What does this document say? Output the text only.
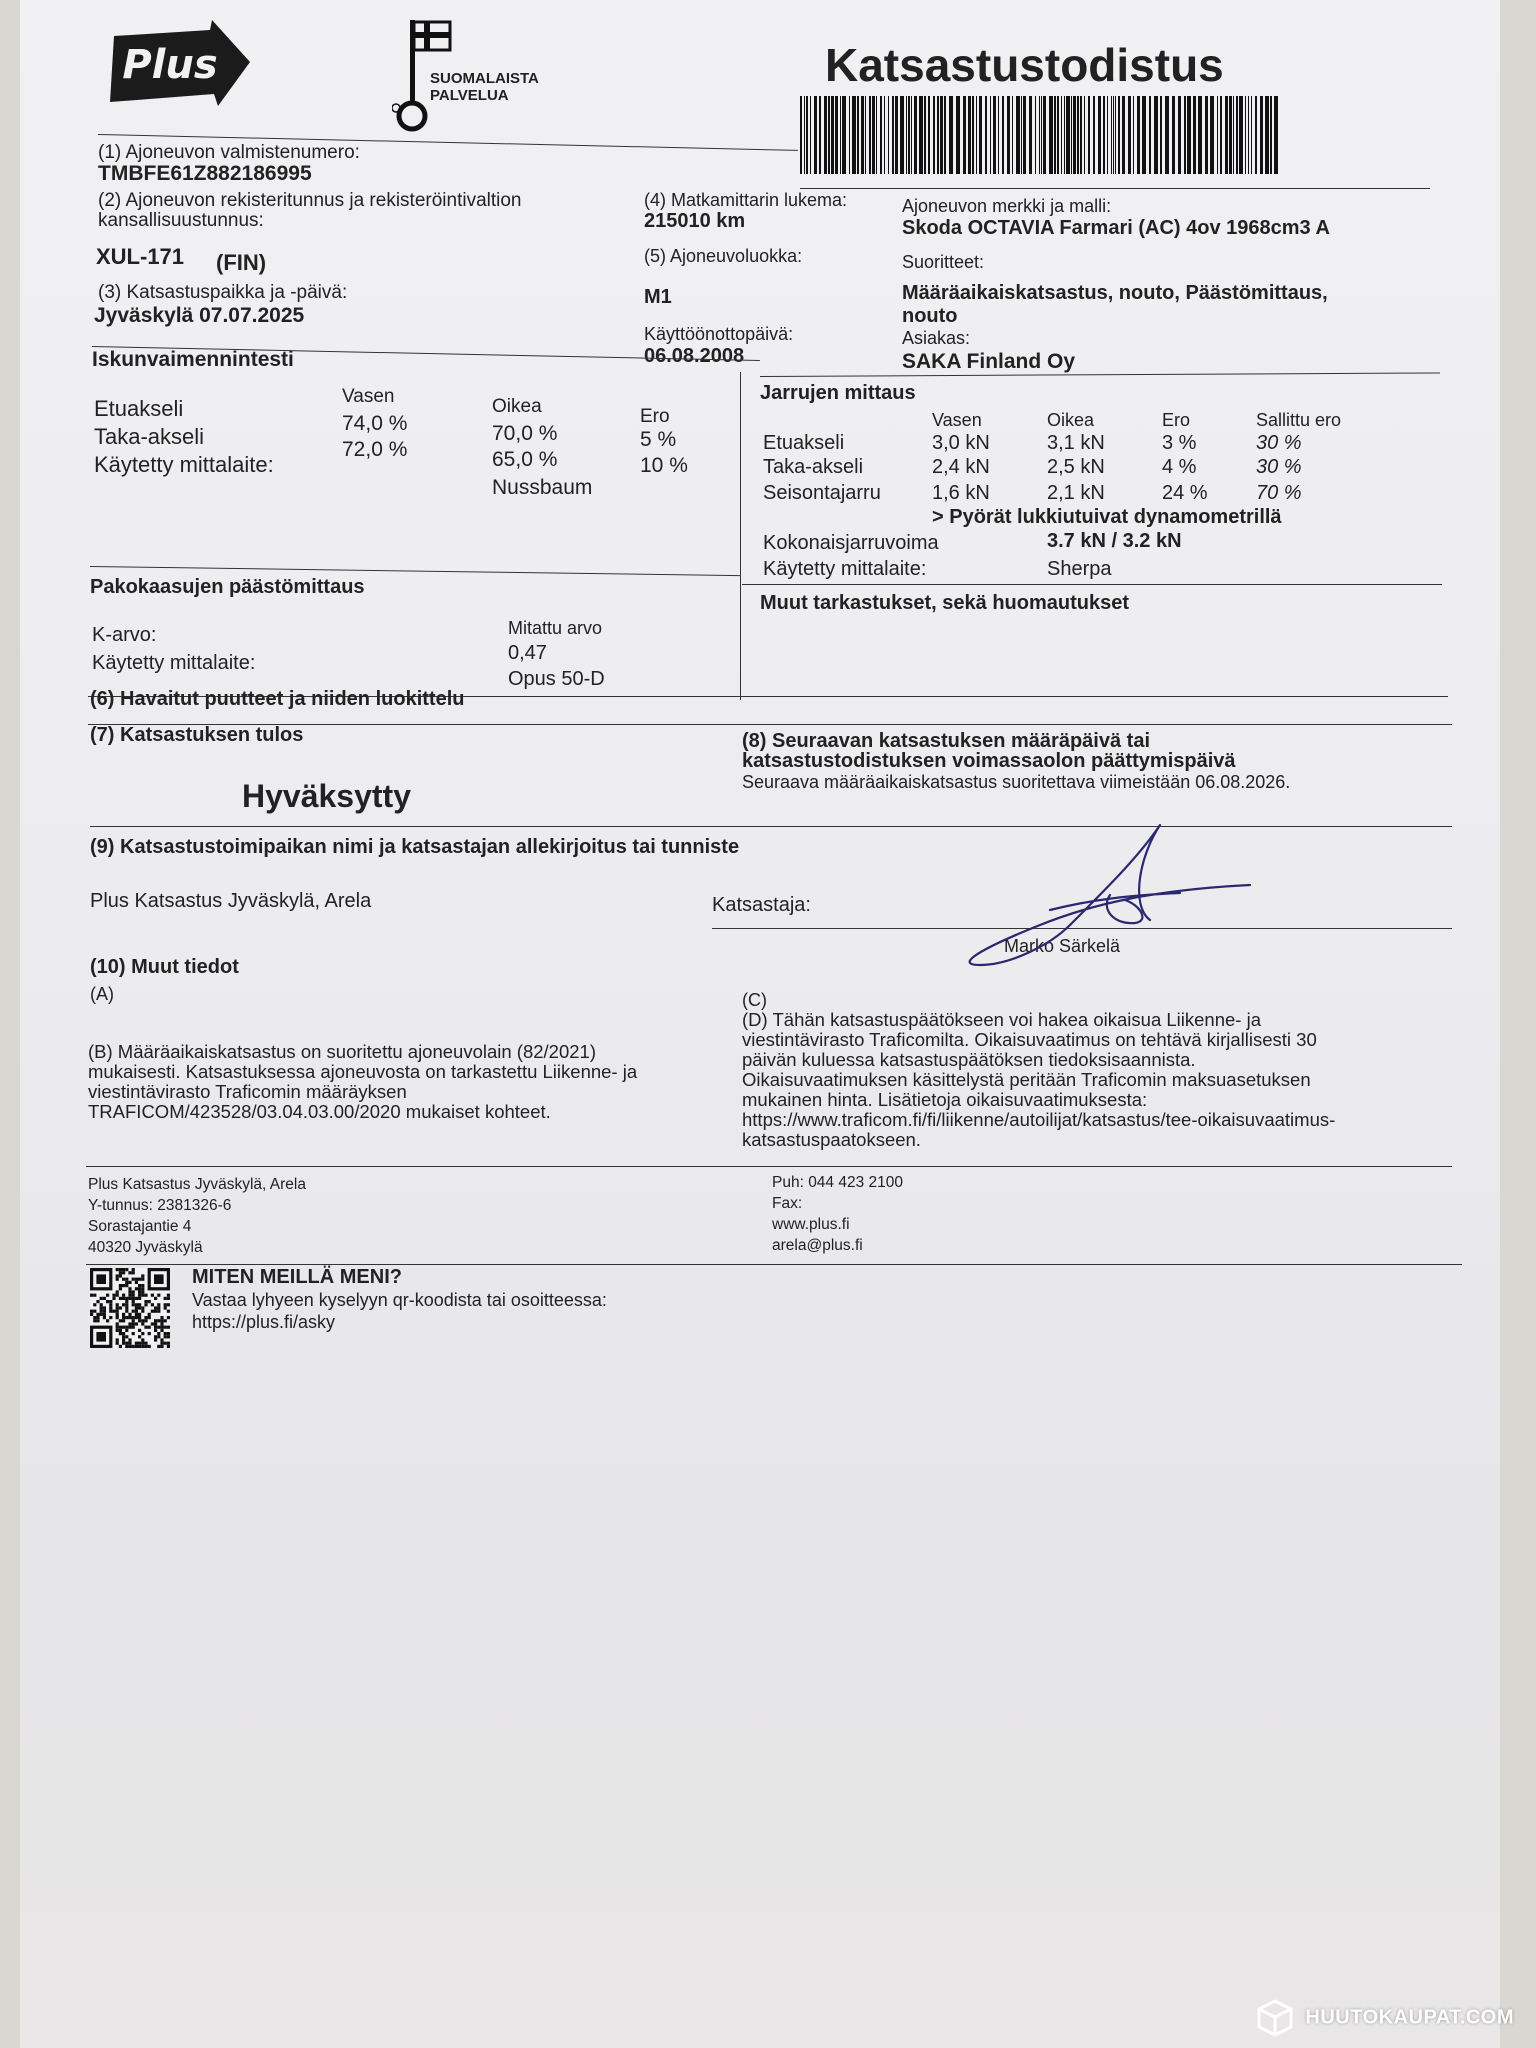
Plus	SUOMALAISTA
PALVELUA
Katsastustodistus
(1) Ajoneuvon valmistenumero:
TMBFE61Z882186995
(2) Ajoneuvon rekisteritunnus ja rekisteröintivaltion
kansallisuustunnus:
XUL-171 (FIN)
(3) Katsastuspaikka ja -päivä:
Jyväskylä 07.07.2025
(4) Matkamittarin lukema:
215010 km
(5) Ajoneuvoluokka:
M1
Käyttöönottopäivä:
06.08.2008
Ajoneuvon merkki ja malli:
Skoda OCTAVIA Farmari (AC) 4ov 1968cm3 A
Suoritteet:
Määräaikaiskatsastus, nouto, Päästömittaus,
nouto
Asiakas:
SAKA Finland Oy
Iskunvaimennintesti
Vasen	Oikea	Ero
Etuakseli
74,0 %	70,0 %	5 %
Taka-akseli
72,0 %	65,0 %	10 %
Käytetty mittalaite:
Nussbaum
Jarrujen mittaus
Vasen	Oikea	Ero	Sallittu ero
Etuakseli	3,0 kN	3,1 kN	3 %	30 %
Taka-akseli	2,4 kN	2,5 kN	4 %	30 %
Seisontajarru	1,6 kN	2,1 kN	24 % 70 %
> Pyörät lukkiutuivat dynamometrillä
Kokonaisjarruvoima	3.7 kN / 3.2 kN
Käytetty mittalaite:	Sherpa
Pakokaasujen päästömittaus
Mitattu arvo
K-arvo:
0,47
Käytetty mittalaite:
Opus 50-D
Muut tarkastukset, sekä huomautukset
(6) Havaitut puutteet ja niiden luokittelu
(7) Katsastuksen tulos
Hyväksytty
(8) Seuraavan katsastuksen määräpäivä tai
katsastustodistuksen voimassaolon päättymispäivä
Seuraava määräaikaiskatsastus suoritettava viimeistään 06.08.2026.
(9) Katsastustoimipaikan nimi ja katsastajan allekirjoitus tai tunniste
Plus Katsastus Jyväskylä, Arela	Katsastaja:
Marko Särkelä
(10) Muut tiedot
(A)
(B) Määräaikaiskatsastus on suoritettu ajoneuvolain (82/2021)
mukaisesti. Katsastuksessa ajoneuvosta on tarkastettu Liikenne- ja
viestintävirasto Traficomin määräyksen
TRAFICOM/423528/03.04.03.00/2020 mukaiset kohteet.
(C)
(D) Tähän katsastuspäätökseen voi hakea oikaisua Liikenne- ja
viestintävirasto Traficomilta. Oikaisuvaatimus on tehtävä kirjallisesti 30
päivän kuluessa katsastuspäätöksen tiedoksisaannista.
Oikaisuvaatimuksen käsittelystä peritään Traficomin maksuasetuksen
mukainen hinta. Lisätietoja oikaisuvaatimuksesta:
https://www.traficom.fi/fi/liikenne/autoilijat/katsastus/tee-oikaisuvaatimus-
katsastuspaatokseen.
Plus Katsastus Jyväskylä, Arela
Y-tunnus: 2381326-6
Sorastajantie 4
40320 Jyväskylä
Puh: 044 423 2100
Fax:
www.plus.fi
arela@plus.fi
MITEN MEILLÄ MENI?
Vastaa lyhyeen kyselyyn qr-koodista tai osoitteessa:
https://plus.fi/asky
HUUTOKAUPAT.COM
